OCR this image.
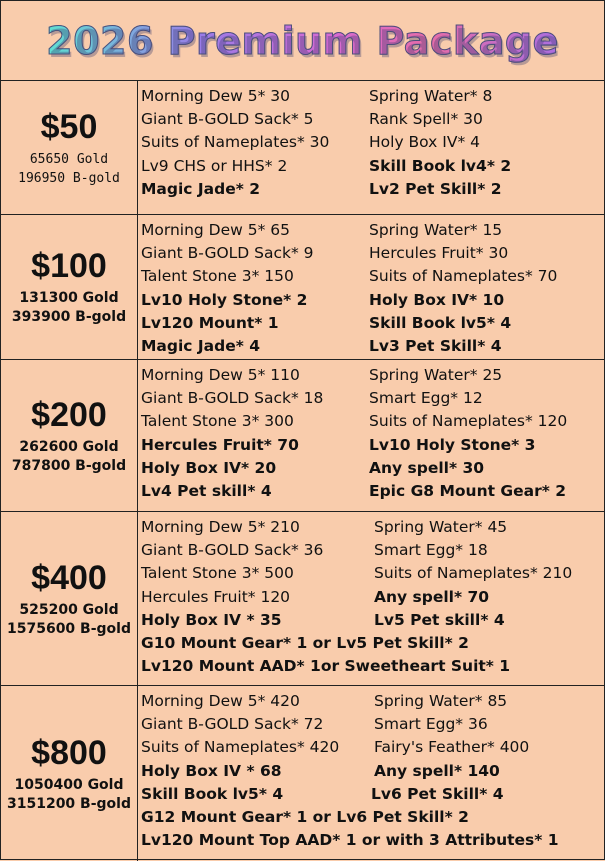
2026 Premium Package
$50
65650 Gold
196950 B-gold
Morning Dew 5* 30	Spring Water* 8
Giant B-GOLD Sack* 5	Rank Spell* 30
Suits of Nameplates* 30	Holy Box IV* 4
Lv9 CHS or HHS* 2	Skill Book lv4* 2
Magic Jade* 2	Lv2 Pet Skill* 2
$100
131300 Gold
393900 B-gold
Morning Dew 5* 65	Spring Water* 15
Giant B-GOLD Sack* 9	Hercules Fruit* 30
Talent Stone 3* 150	Suits of Nameplates* 70
Lv10 Holy Stone* 2	Holy Box IV* 10
Lv120 Mount* 1	Skill Book lv5* 4
Magic Jade* 4	Lv3 Pet Skill* 4
$200
262600 Gold
787800 B-gold
Morning Dew 5* 110	Spring Water* 25
Giant B-GOLD Sack* 18	Smart Egg* 12
Talent Stone 3* 300	Suits of Nameplates* 120
Hercules Fruit* 70	Lv10 Holy Stone* 3
Holy Box IV* 20	Any spell* 30
Lv4 Pet skill* 4	Epic G8 Mount Gear* 2
$400
525200 Gold
1575600 B-gold
Morning Dew 5* 210	Spring Water* 45
Giant B-GOLD Sack* 36	Smart Egg* 18
Talent Stone 3* 500	Suits of Nameplates* 210
Hercules Fruit* 120	Any spell* 70
Holy Box IV * 35	Lv5 Pet skill* 4
G10 Mount Gear* 1 or Lv5 Pet Skill* 2
Lv120 Mount AAD* 1or Sweetheart Suit* 1
$800
1050400 Gold
3151200 B-gold
Morning Dew 5* 420	Spring Water* 85
Giant B-GOLD Sack* 72	Smart Egg* 36
Suits of Nameplates* 420	Fairy's Feather* 400
Holy Box IV * 68	Any spell* 140
Skill Book lv5* 4	Lv6 Pet Skill* 4
G12 Mount Gear* 1 or Lv6 Pet Skill* 2
Lv120 Mount Top AAD* 1 or with 3 Attributes* 1
